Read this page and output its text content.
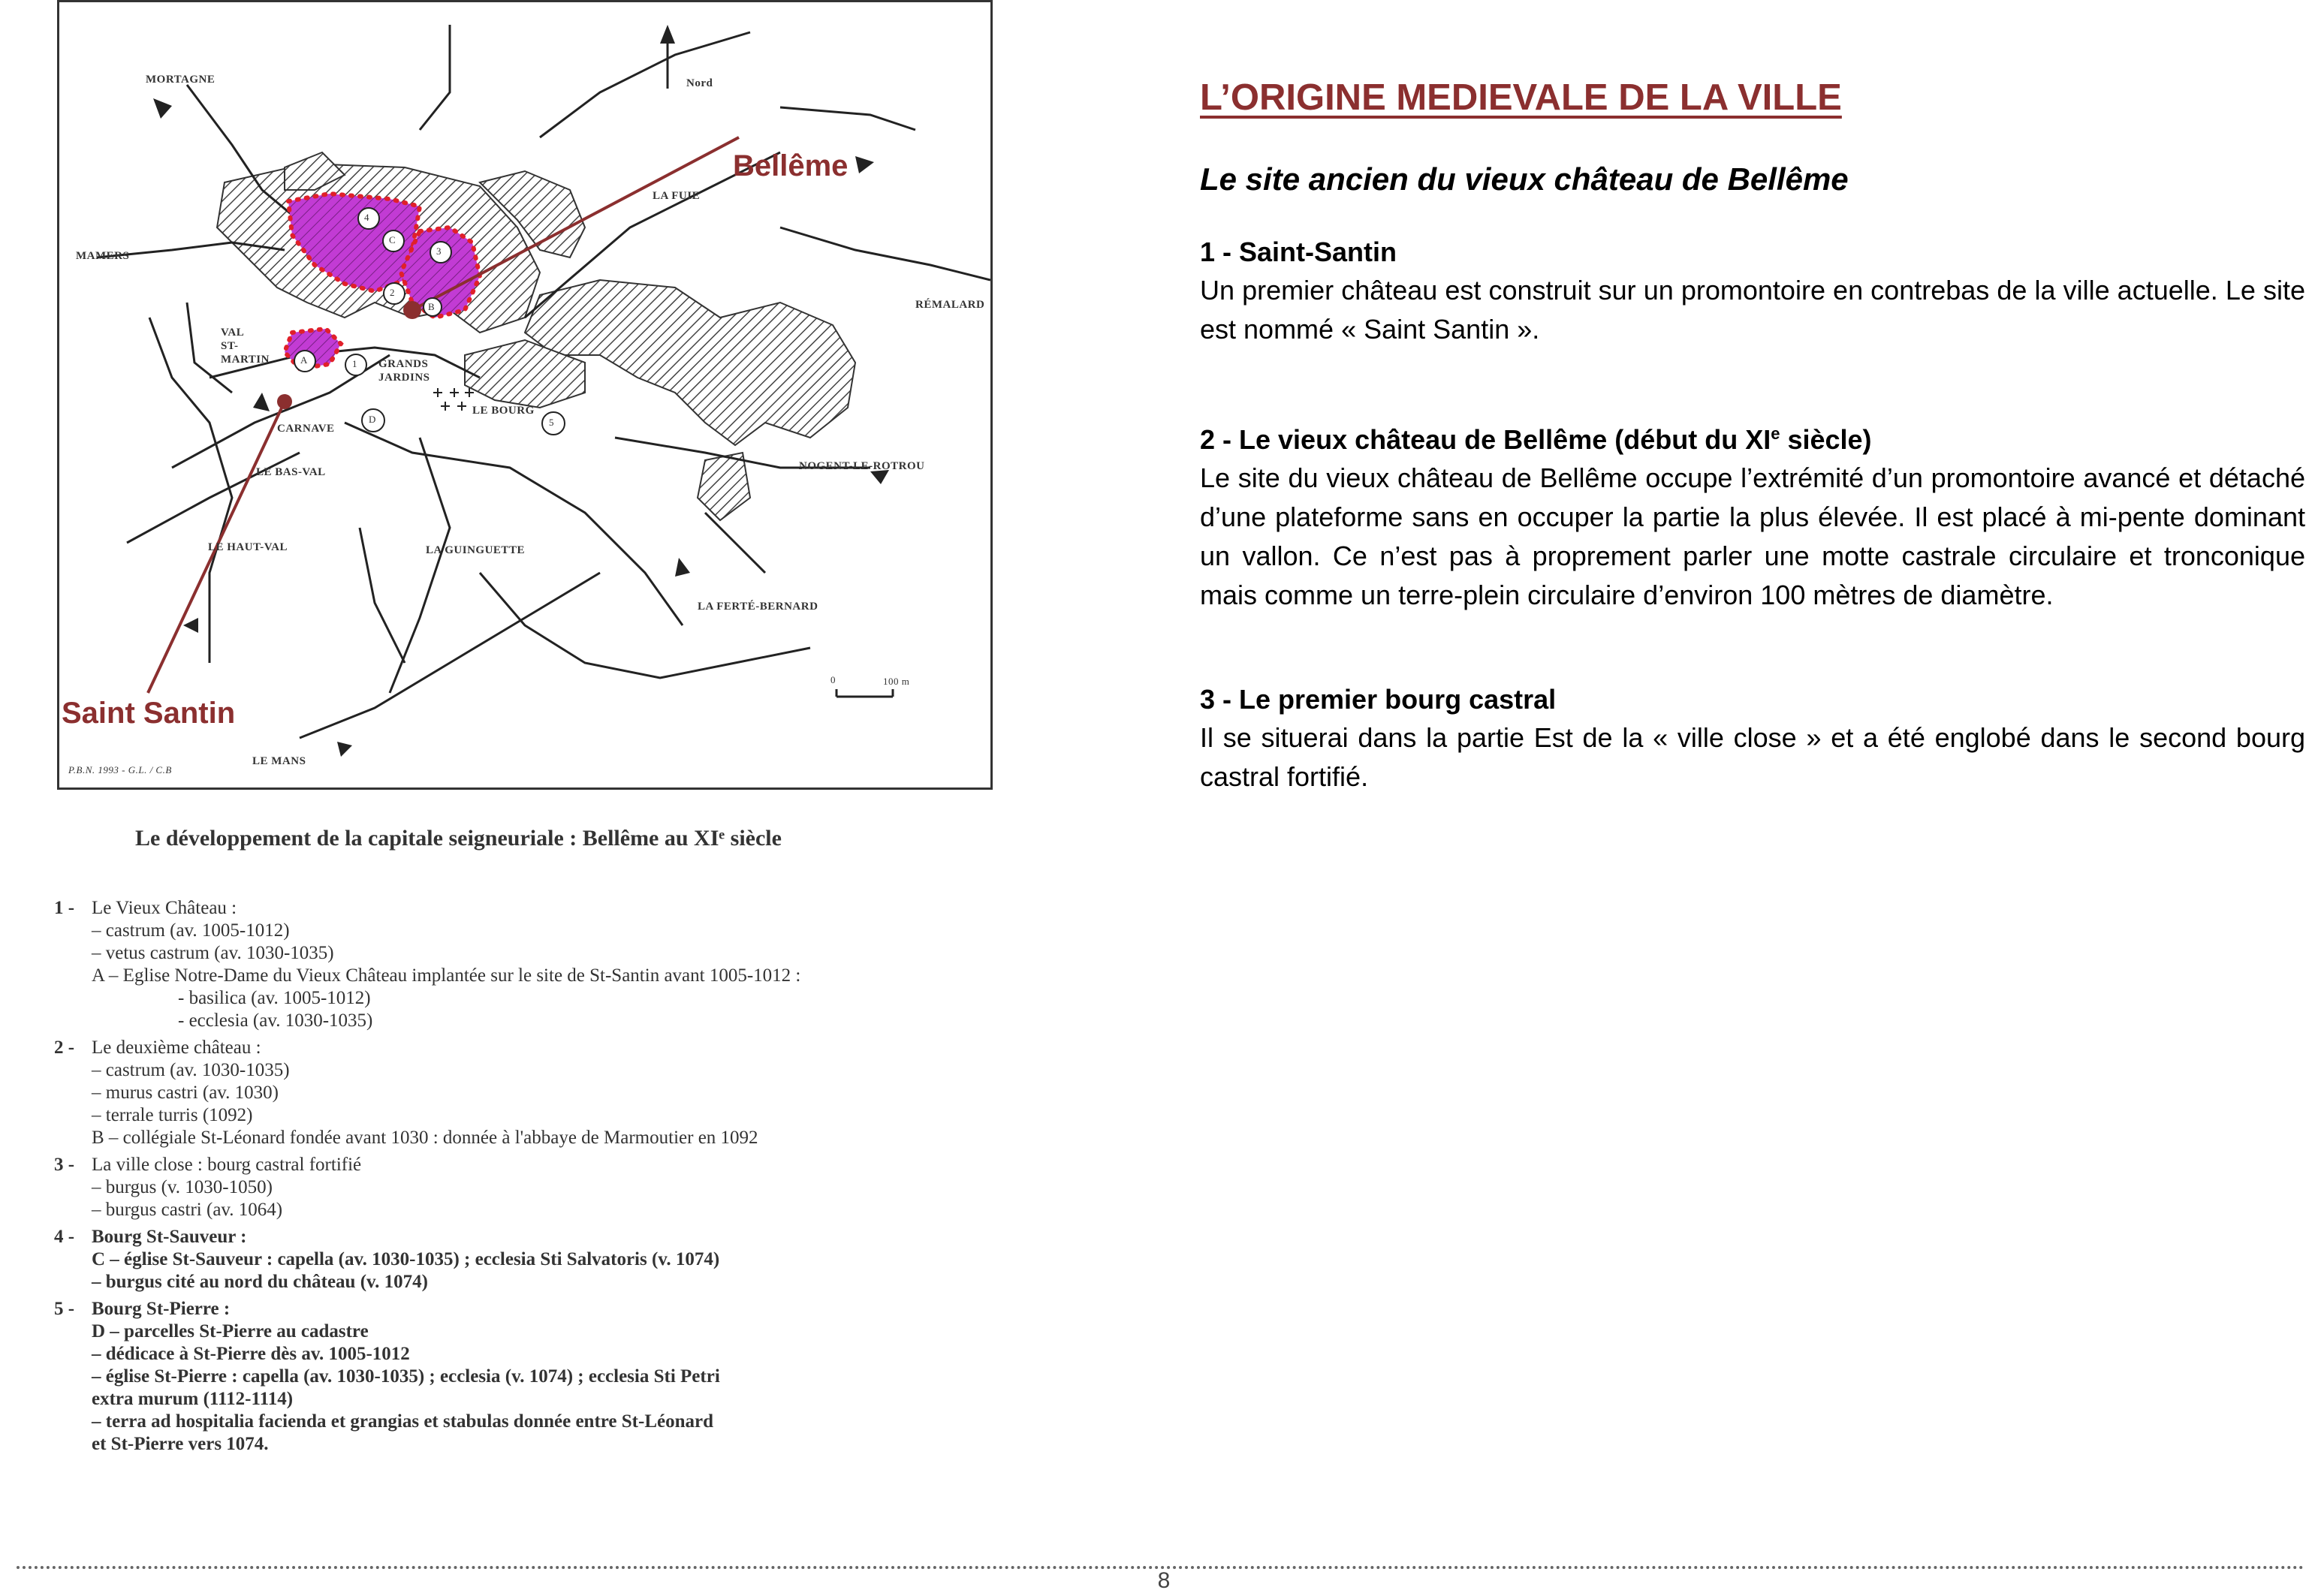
4
C
3
2
B
A	1
D	5
MORTAGNE	Nord
LA FUIE
MAMERS
RÉMALARD
VAL
ST-
MARTIN	GRANDS
JARDINS
LE BOURG
CARNAVE
NOGENT-LE-ROTROU
LE BAS-VAL
LE HAUT-VAL	LA GUINGUETTE
LA FERTÉ-BERNARD
LE MANS
P.B.N. 1993 - G.L. / C.B
0	100 m
Bellême
Saint Santin
Le développement de la capitale seigneuriale : Bellême au XIᵉ siècle
1 - Le Vieux Château :
– castrum (av. 1005-1012)
– vetus castrum (av. 1030-1035)
A – Eglise Notre-Dame du Vieux Château implantée sur le site de St-Santin avant 1005-1012 :
- basilica (av. 1005-1012)
- ecclesia (av. 1030-1035)
2 - Le deuxième château :
– castrum (av. 1030-1035)
– murus castri (av. 1030)
– terrale turris (1092)
B – collégiale St-Léonard fondée avant 1030 : donnée à l'abbaye de Marmoutier en 1092
3 - La ville close : bourg castral fortifié
– burgus (v. 1030-1050)
– burgus castri (av. 1064)
4 - Bourg St-Sauveur :
C – église St-Sauveur : capella (av. 1030-1035) ; ecclesia Sti Salvatoris (v. 1074)
– burgus cité au nord du château (v. 1074)
5 - Bourg St-Pierre :
D – parcelles St-Pierre au cadastre
– dédicace à St-Pierre dès av. 1005-1012
– église St-Pierre : capella (av. 1030-1035) ; ecclesia (v. 1074) ; ecclesia Sti Petri
extra murum (1112-1114)
– terra ad hospitalia facienda et grangias et stabulas donnée entre St-Léonard
et St-Pierre vers 1074.
L’ORIGINE MEDIEVALE DE LA VILLE
Le site ancien du vieux château de Bellême

1 - Saint-Santin

Un premier château est construit sur un promontoire en contrebas de la ville actuelle. Le site est nommé « Saint Santin ».

2 - Le vieux château de Bellême (début du XIe siècle)

Le site du vieux château de Bellême occupe l’extrémité d’un promontoire avancé et détaché d’une plateforme sans en occuper la partie la plus élevée. Il est placé à mi-pente dominant un vallon. Ce n’est pas à proprement parler une motte castrale circulaire et tronconique mais comme un terre-plein circulaire d’environ 100 mètres de diamètre.

3 - Le premier bourg castral

Il se situerai dans la partie Est de la « ville close » et a été englobé dans le second bourg castral fortifié.

8
